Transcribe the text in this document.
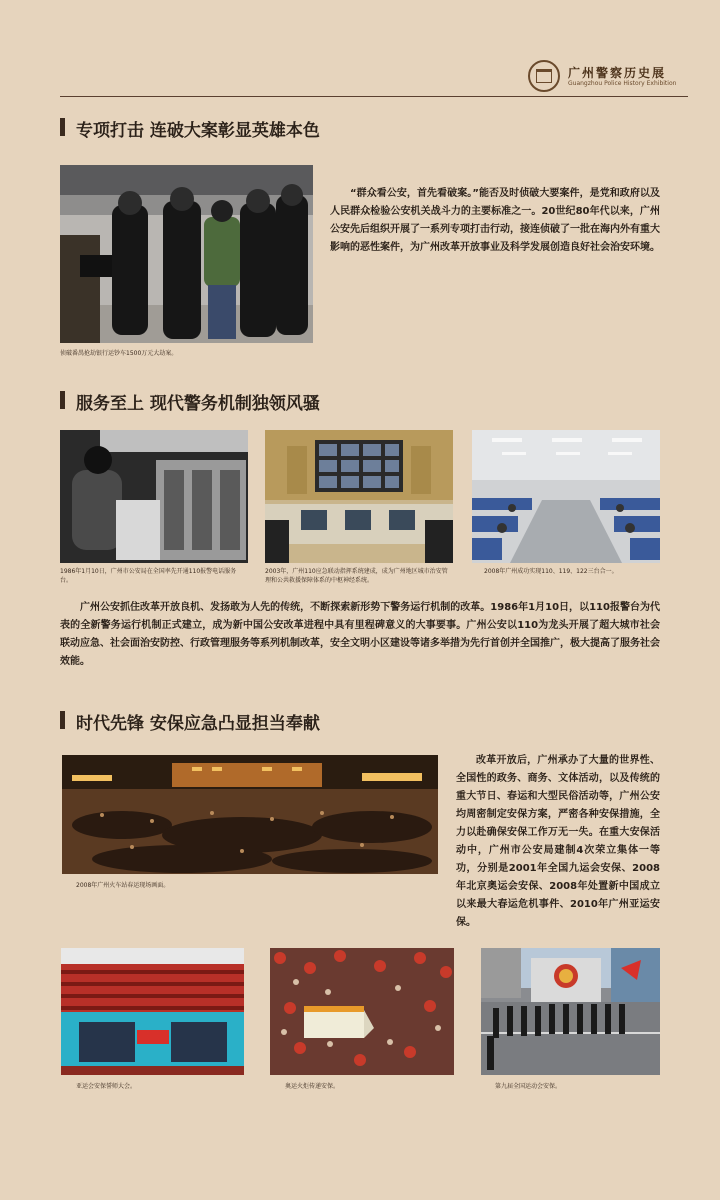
广州警察历史展
Guangzhou Police History Exhibition
专项打击 连破大案彰显英雄本色
侦破番禺抢劫银行运钞车1500万元大劫案。
“群众看公安，首先看破案。”能否及时侦破大要案件，是党和政府以及人民群众检验公安机关战斗力的主要标准之一。20世纪80年代以来，广州公安先后组织开展了一系列专项打击行动，接连侦破了一批在海内外有重大影响的恶性案件，为广州改革开放事业及科学发展创造良好社会治安环境。
服务至上 现代警务机制独领风骚
1986年1月10日，广州市公安局在全国率先开通110报警电话服务台。
2003年，广州110应急联动指挥系统建成，成为广州地区城市治安管理和公共救援保障体系的中枢神经系统。
2008年广州成功实现110、119、122三台合一。
广州公安抓住改革开放良机、发扬敢为人先的传统，不断探索新形势下警务运行机制的改革。1986年1月10日，以110报警台为代表的全新警务运行机制正式建立，成为新中国公安改革进程中具有里程碑意义的大事要事。广州公安以110为龙头开展了超大城市社会联动应急、社会面治安防控、行政管理服务等系列机制改革，安全文明小区建设等诸多举措为先行首创并全国推广，极大提高了服务社会效能。
时代先锋 安保应急凸显担当奉献
2008年广州火车站春运现场画面。
改革开放后，广州承办了大量的世界性、全国性的政务、商务、文体活动，以及传统的重大节日、春运和大型民俗活动等，广州公安均周密制定安保方案，严密各种安保措施，全力以赴确保安保工作万无一失。在重大安保活动中，广州市公安局建制4次荣立集体一等功，分别是2001年全国九运会安保、2008年北京奥运会安保、2008年处置新中国成立以来最大春运危机事件、2010年广州亚运安保。
亚运会安保誓师大会。	奥运火炬传递安保。	第九届全国运动会安保。
